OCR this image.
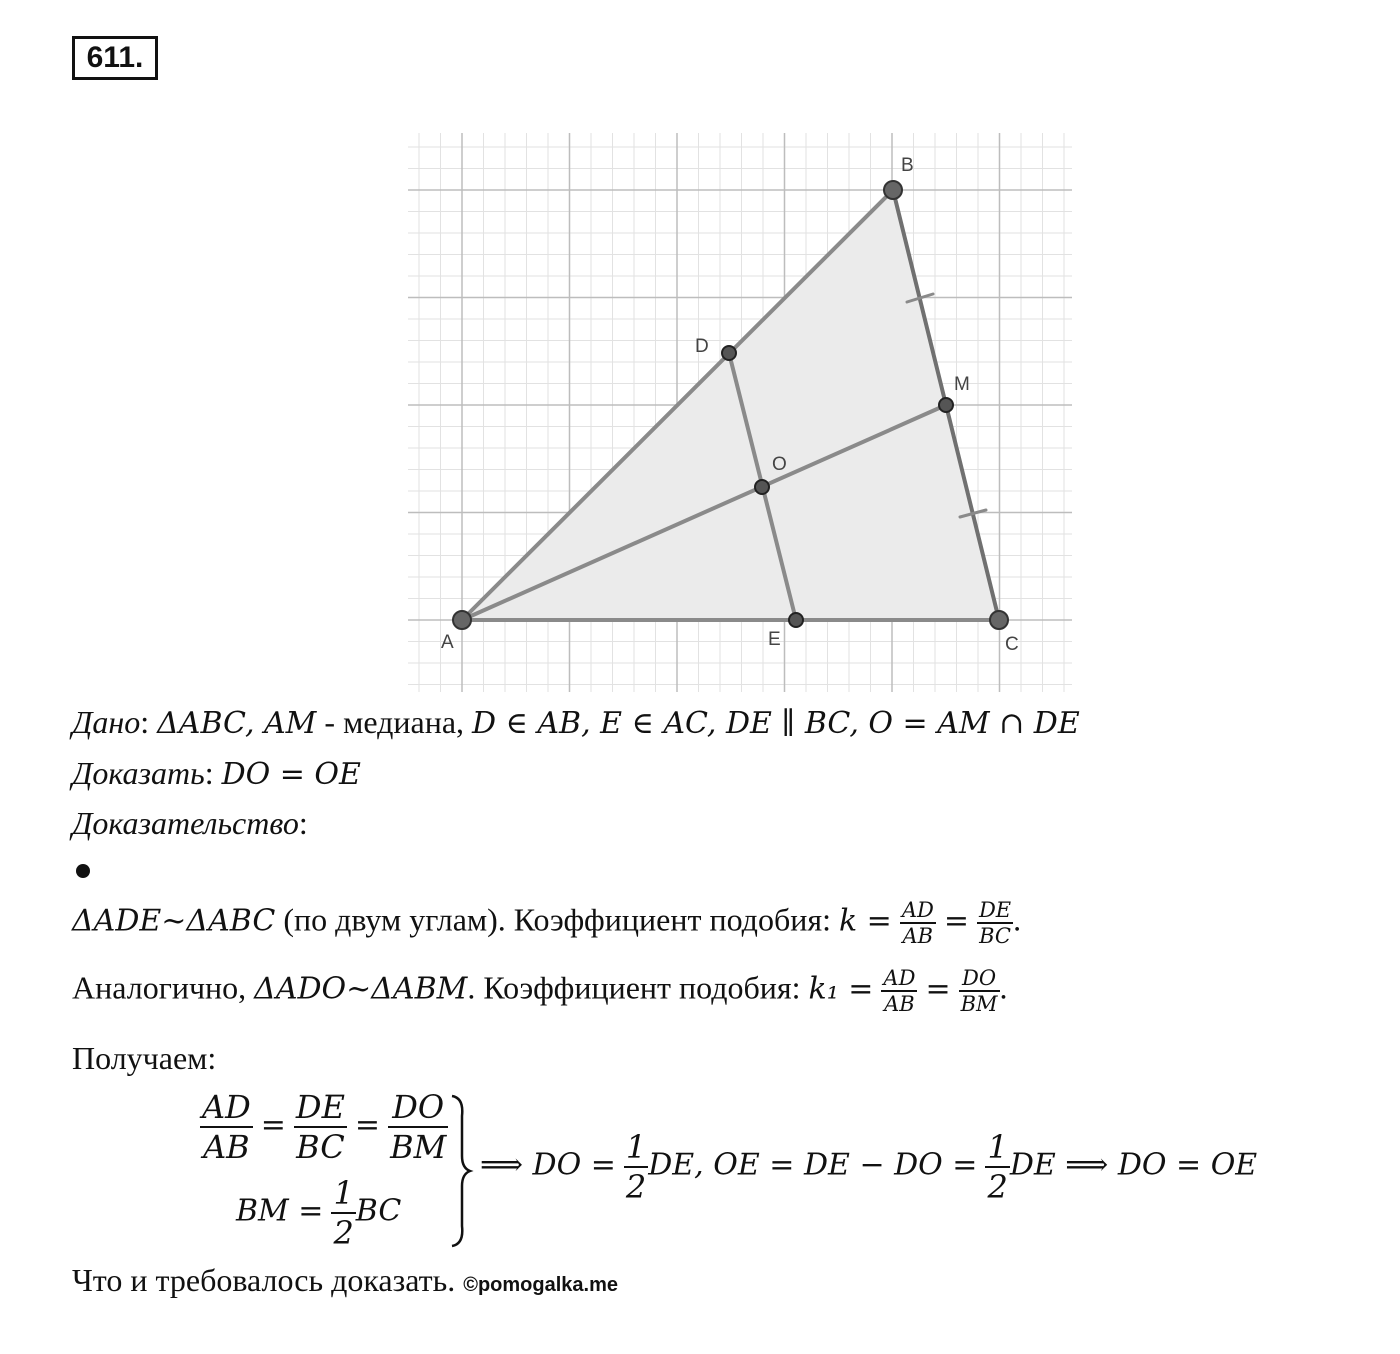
611.
A
B
C
D
E
M
O
Дано: ΔABC, AM - медиана, D ∈ AB, E ∈ AC, DE ∥ BC, O = AM ∩ DE
Доказать: DO = OE
Доказательство:
ΔADE~ΔABC (по двум углам). Коэффициент подобия: $k = \frac{AD}{AB} = \frac{DE}{BC}$ .
Аналогично, ΔADO~ΔABM. Коэффициент подобия: $k_1 = \frac{AD}{AB} = \frac{DO}{BM}$ .
Получаем:
$\frac{AD}{AB} = \frac{DE}{BC} = \frac{DO}{BM}$
BM = $\frac{1}{2}$ BC
⟹ DO = $\frac{1}{2}$ DE, OE = DE − DO = $\frac{1}{2}$ DE ⟹ DO = OE
Что и требовалось доказать. ©pomogalka.me
